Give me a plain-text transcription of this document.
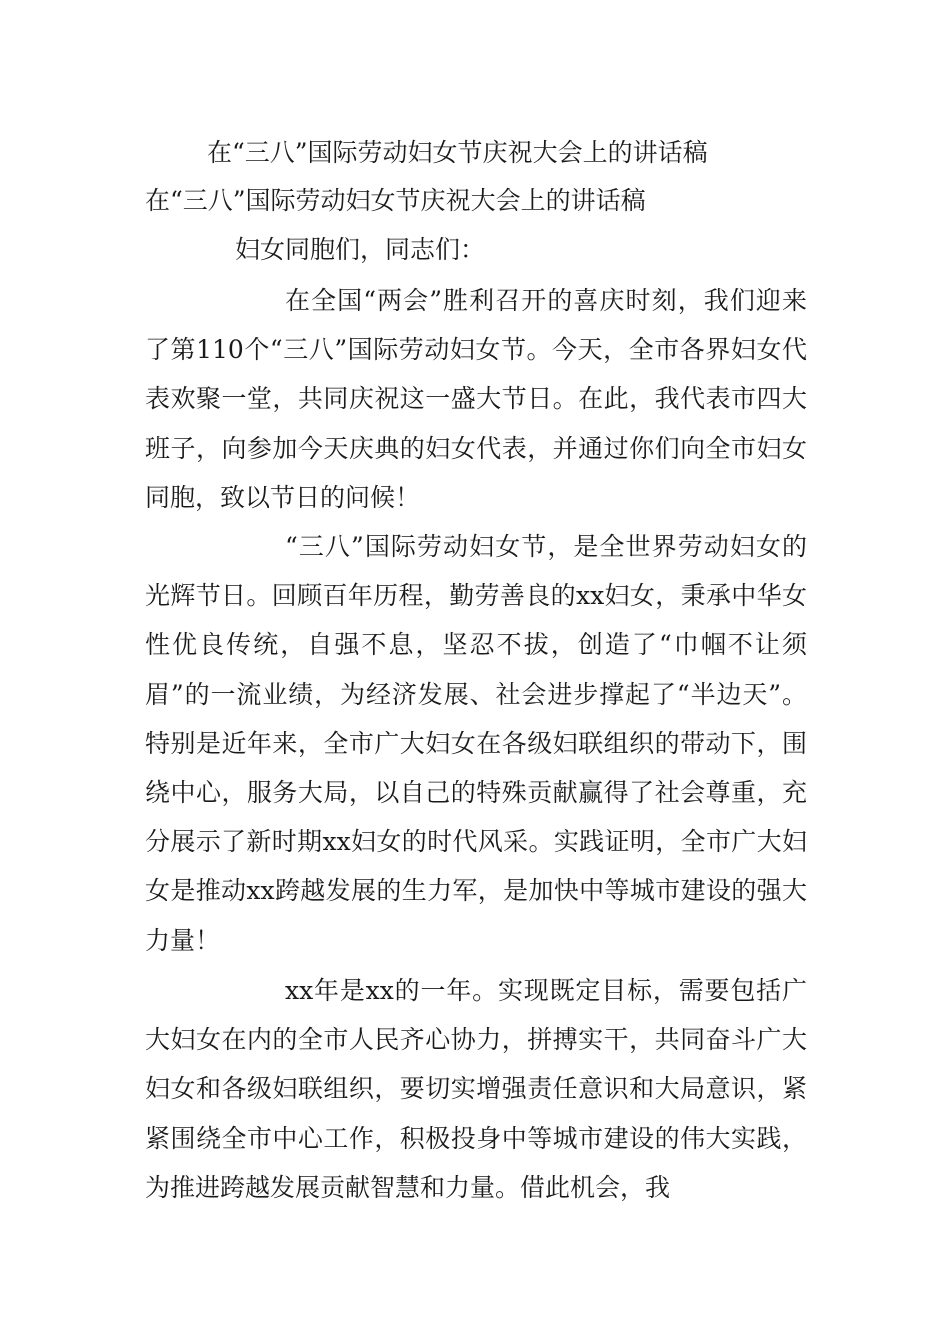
在“三八”国际劳动妇女节庆祝大会上的讲话稿
在“三八”国际劳动妇女节庆祝大会上的讲话稿

妇女同胞们，同志们：

在全国“两会”胜利召开的喜庆时刻，我们迎来了第110个“三八”国际劳动妇女节。今天，全市各界妇女代表欢聚一堂，共同庆祝这一盛大节日。在此，我代表市四大班子，向参加今天庆典的妇女代表，并通过你们向全市妇女同胞，致以节日的问候！

“三八”国际劳动妇女节，是全世界劳动妇女的光辉节日。回顾百年历程，勤劳善良的xx妇女，秉承中华女性优良传统，自强不息，坚忍不拔，创造了“巾帼不让须眉”的一流业绩，为经济发展、社会进步撑起了“半边天”。特别是近年来，全市广大妇女在各级妇联组织的带动下，围绕中心，服务大局，以自己的特殊贡献赢得了社会尊重，充分展示了新时期xx妇女的时代风采。实践证明，全市广大妇女是推动xx跨越发展的生力军，是加快中等城市建设的强大力量！

xx年是xx的一年。实现既定目标，需要包括广大妇女在内的全市人民齐心协力，拼搏实干，共同奋斗广大妇女和各级妇联组织，要切实增强责任意识和大局意识，紧紧围绕全市中心工作，积极投身中等城市建设的伟大实践，为推进跨越发展贡献智慧和力量。借此机会，我
